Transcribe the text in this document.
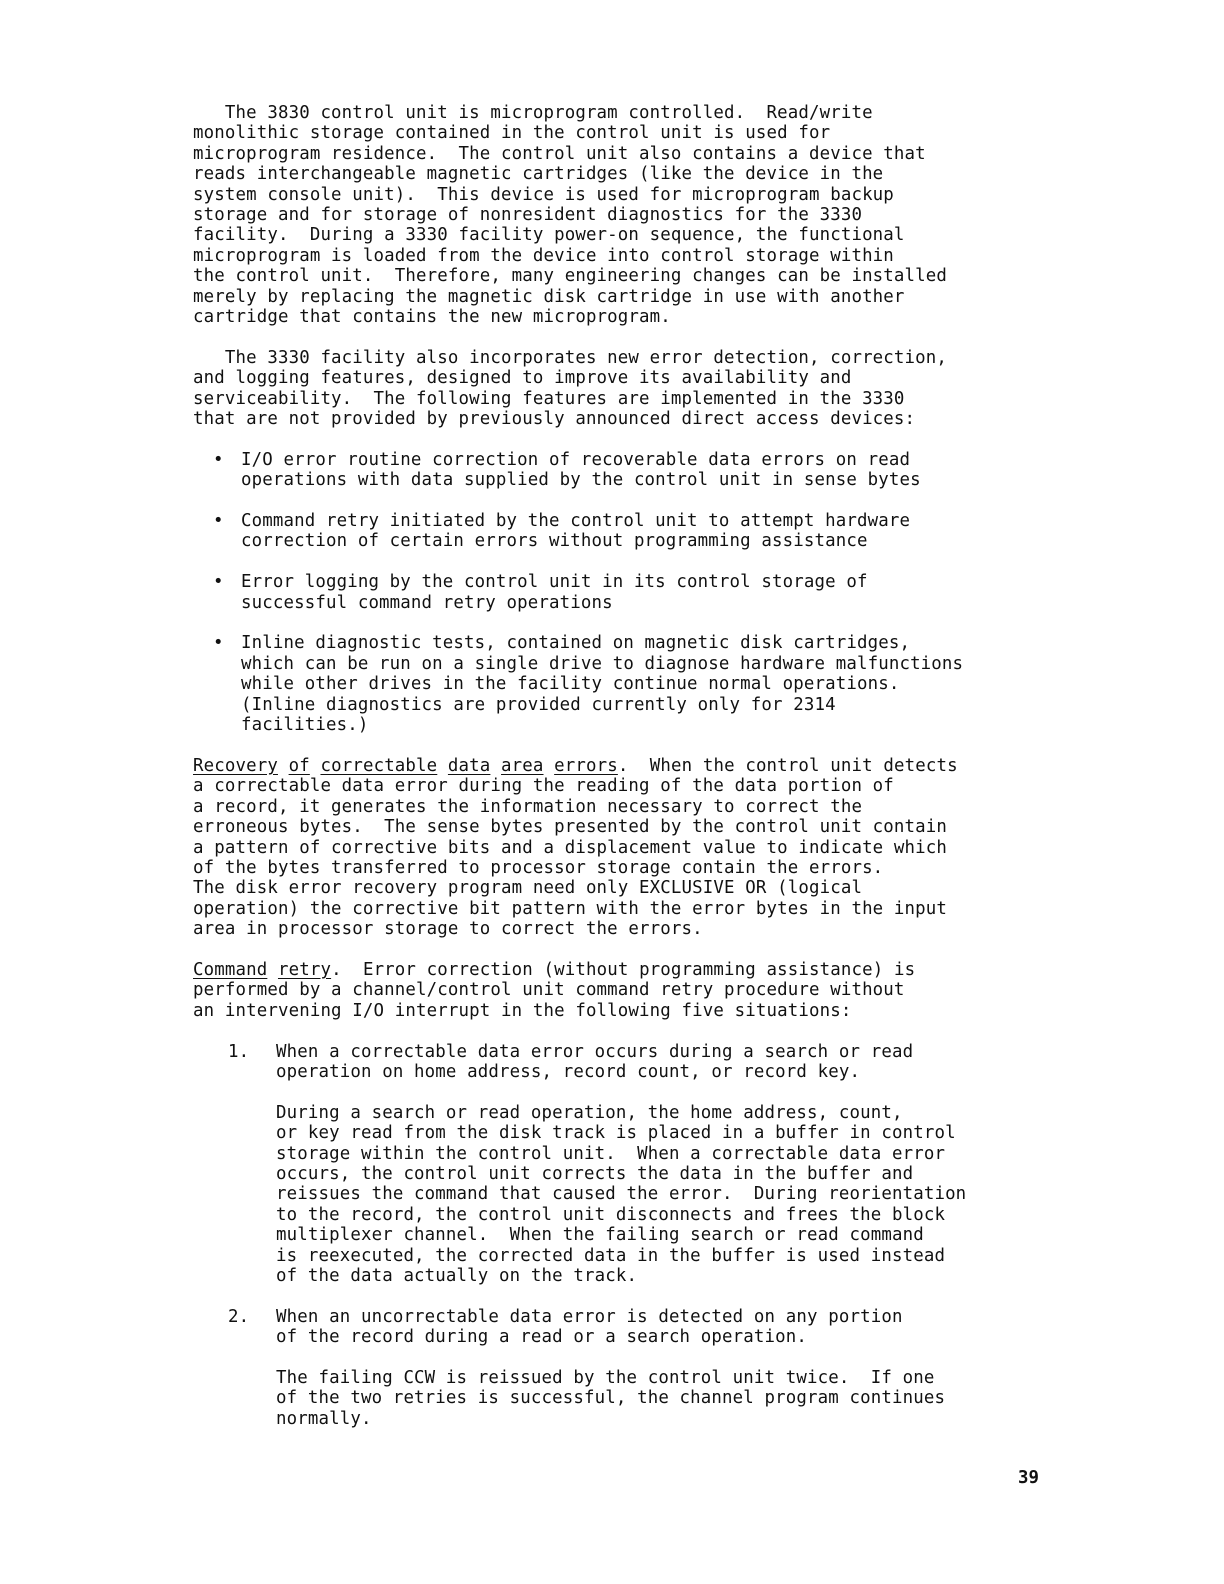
The 3830 control unit is microprogram controlled.  Read/write

monolithic storage contained in the control unit is used for

microprogram residence.  The control unit also contains a device that

reads interchangeable magnetic cartridges (like the device in the

system console unit).  This device is used for microprogram backup

storage and for storage of nonresident diagnostics for the 3330

facility.  During a 3330 facility power-on sequence, the functional

microprogram is loaded from the device into control storage within

the control unit.  Therefore, many engineering changes can be installed

merely by replacing the magnetic disk cartridge in use with another

cartridge that contains the new microprogram.

The 3330 facility also incorporates new error detection, correction,

and logging features, designed to improve its availability and

serviceability.  The following features are implemented in the 3330

that are not provided by previously announced direct access devices:

• I/O error routine correction of recoverable data errors on read

operations with data supplied by the control unit in sense bytes

• Command retry initiated by the control unit to attempt hardware

correction of certain errors without programming assistance

• Error logging by the control unit in its control storage of

successful command retry operations

• Inline diagnostic tests, contained on magnetic disk cartridges,

which can be run on a single drive to diagnose hardware malfunctions

while other drives in the facility continue normal operations.

(Inline diagnostics are provided currently only for 2314

facilities.)

Recovery of correctable data area errors.  When the control unit detects

a correctable data error during the reading of the data portion of

a record, it generates the information necessary to correct the

erroneous bytes.  The sense bytes presented by the control unit contain

a pattern of corrective bits and a displacement value to indicate which

of the bytes transferred to processor storage contain the errors.

The disk error recovery program need only EXCLUSIVE OR (logical

operation) the corrective bit pattern with the error bytes in the input

area in processor storage to correct the errors.

Command retry.  Error correction (without programming assistance) is

performed by a channel/control unit command retry procedure without

an intervening I/O interrupt in the following five situations:

1. When a correctable data error occurs during a search or read

operation on home address, record count, or record key.

During a search or read operation, the home address, count,

or key read from the disk track is placed in a buffer in control

storage within the control unit.  When a correctable data error

occurs, the control unit corrects the data in the buffer and

reissues the command that caused the error.  During reorientation

to the record, the control unit disconnects and frees the block

multiplexer channel.  When the failing search or read command

is reexecuted, the corrected data in the buffer is used instead

of the data actually on the track.

2. When an uncorrectable data error is detected on any portion

of the record during a read or a search operation.

The failing CCW is reissued by the control unit twice.  If one

of the two retries is successful, the channel program continues

normally.

39
